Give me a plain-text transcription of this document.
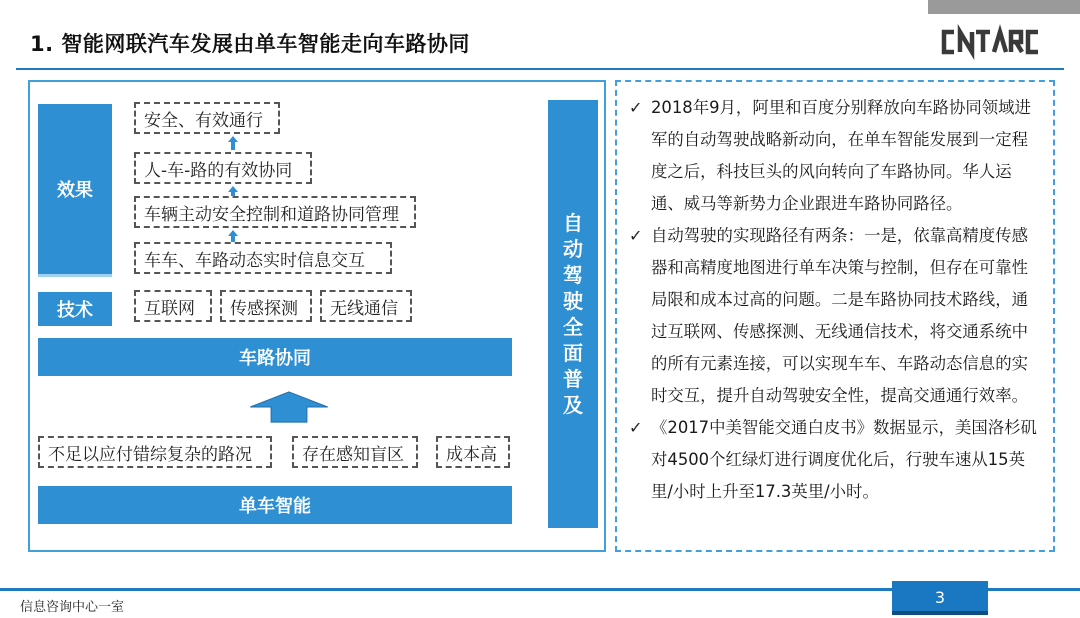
1. 智能网联汽车发展由单车智能走向车路协同
效果
技术
安全、有效通行
人-车-路的有效协同
车辆主动安全控制和道路协同管理
车车、车路动态实时信息交互
互联网 传感探测 无线通信
车路协同
不足以应付错综复杂的路况	存在感知盲区 成本高
单车智能
自
动
驾
驶
全
面
普
及
✓ 2018年9月，阿里和百度分别释放向车路协同领域进军的自动驾驶战略新动向，在单车智能发展到一定程度之后，科技巨头的风向转向了车路协同。华人运通、威马等新势力企业跟进车路协同路径。
✓ 自动驾驶的实现路径有两条：一是，依靠高精度传感器和高精度地图进行单车决策与控制，但存在可靠性局限和成本过高的问题。二是车路协同技术路线，通过互联网、传感探测、无线通信技术，将交通系统中的所有元素连接，可以实现车车、车路动态信息的实时交互，提升自动驾驶安全性，提高交通通行效率。
✓ 《2017中美智能交通白皮书》数据显示，美国洛杉矶对4500个红绿灯进行调度优化后，行驶车速从15英里/小时上升至17.3英里/小时。
信息咨询中心一室
3
